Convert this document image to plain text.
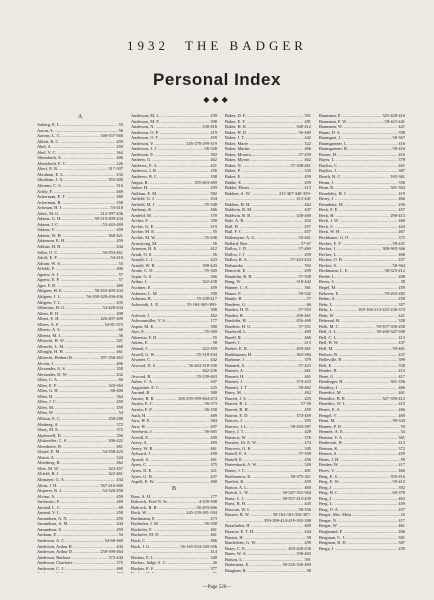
1932 THE BADGER
Personal Index
◆◆◆
A
Aaberg, E. L. .....	53
Aaron, S. .....	56
Aarons, L. C. .....	346-557-560
Abbitt, R. C. .....	459
Abel, A. .....	459
Abel, V. C. .....	364
Abendroth, A. .....	406
Abendroth, E. C. .....	226
Abert, E. R. .....	317-397
Abraham, E. L. .....	432
Abraham, J. A. .....	355-400
Abrams, C. S. .....	316
Achly, F. .....	469
Ackerman, E. T. .....	468
Ackerman, R. .....	358
Ackman, H. J. .....	53-418
Adair, M. G. .....	212-397-436
Adams, G. H. .....	58-319-409-434
Adams, I. C. .....	53-443-469
Adams, V. .....	459
Adams, W. H. .....	368-421
Adamson, E. H. .....	459
Adkins, H. B. .....	444
Adler, O. C. .....	56-553-461
Adolf, E. F. .....	54-410
Adrian, W. A. .....	53
Affeldt, F. .....	406
Agnew, A. J. .....	57
Agnew, E. P. .....	57
Ager, F. B. .....	469
Ahlgren, H. E. .....	58-263-405-434
Ahlgren, J. L. .....	56-358-328-436-436
Ahlgren, T. L. .....	435
Ahlstrom, H. G. .....	54-428-434
Aiken, R. H. .....	408
Albert, E. H. .....	226-407-409
Albers, A. F. .....	54-81-373
Alberts, A. S. .....	66
Albertz, M. J. .....	56
Albrecht, H. W. .....	321
Albrecht, L. M. .....	468
Albright, H. H. .....	461
Albrecht, Herbert R. .....	397-358-463
Alcorn, J. .....	406
Alexander, A. S. .....	358
Alexander, D. W. .....	432
Allen, C. A. .....	60
Allen, E. F. .....	343-363
Allen, G. H. .....	68-406
Allen, H. .....	364
Allen, J. C. .....	459
Allen, M. .....	459
Allen, W. .....	54
Allison, E. C. .....	258-288
Almberg, A. .....	372
Alsey, M. E. .....	372
Alpenwell, D. .....	356
Altdoerffer, C. S. .....	306-422
Altenhofer, B. .....	461
Alstad, E. M. .....	54-358-423
Alston, A. .....	324
Altenberg, R. .....	462
Alter, M. W. .....	422-457
Altfeld, R. J. .....	422-461
Altmayer, G. A. .....	434
Alton, J. H. .....	567-416-466
Alsperer, R. J. .....	54-320-450
Alvino, A. .....	459
Ambrosio, F. .....	469
Amend, L. C. .....	69
Amend, V. L. .....	458
Amundsen, A. N. .....	459
Amundson, A. M. .....	444
Amundson, S. .....	459
Amkam, E. .....	54
Anderson, A. C. .....	54-68-469
Anderson, Arthur R. .....	444
Anderson, Arthur D. .....	258-399-464
Anderson, Barbara .....	372-444
Anderson, Charlotte .....	375
Anderson, C. J. .....	469
.....
Anderson, M. L. .....	439
Anderson, M. F. .....	398
Anderson, N. .....	238-416
Anderson, O. P. .....	419
Anderson, O. T. .....	459
Anderson, V. .....	245-278-299-319
Anderson, J. J. .....	56-328
Anderson, P. .....	392
Andrew, G. .....	462
Andrews, E. A. .....	421
Andrews, J. R. .....	256
Andrews, R. C. .....	358
Angus, R. .....	355-463-469
Anker, H. .....	459
Anklam, E. M. .....	382
Anfield, G. J. .....	434
Anfield, M. J. .....	55-348
Anthony, K. .....	466
Arnfeld, M. .....	370
Archer, P. .....	358
Archie, G. E. .....	219
Archie, M. E. .....	55
Archie, M. W. .....	55-436
Armstrong, M. .....	56
Arneson, H. E. .....	412
Arndt, O. S. .....	56
Arnold, C. J. .....	423
Arnold, W. B. .....	398-443
Arone, C. D. .....	55-365
Arpin, G. S. .....	366
Arthur, J. .....	322-438
Aschner, E. .....	459
Ashman, L. M. .....	358
Ashman, R. .....	55-238-417
Ashworth, L. E. .....	55-164-365-390-
.....
398
Asleson, J. .....	462
Aslesonmiller, V. S. .....	177
Aspen, M. E. .....	380
Ates, E. .....	55-369
Atherton, F. D. .....	55
Atkins, E. .....	58
Atland, J. .....	422-459
Atwell, G. W. .....	55-318-434
Atwater, C. .....	442
Atwood, D. S. .....	56-263-318-356
.....
442-436
Atwood, R. .....	55-239-463
Auber, C. A. .....	347
Augustine, E. C. .....	425
Aurand, R. .....	380
Aurner, R. R. .....	266-259-399-464-474
Austin, E. C. .....	56-373
Austin, F. P. .....	56-358
Auth, H. .....	469
Auw, H. E. .....	384
Auw, H. .....	497
Averbeck, J. .....	56-365
Averill, E. .....	459
Avery, A. .....	469
Avery, W. B. .....	461
Aylward, J. .....	458
Aysard, A. .....	461
Ayres, C. .....	375
Ayres, D. E. .....	321
Ayres, G. H. .....	437
Aspell, E. W. .....	490
B
Baas, A. H. .....	177
Babcock, Fred N. Sr. .....	4-339-398
Babcock, R. B. .....	56-293-466
Bach, W. .....	245-239-281-394
Bachmann, E. .....	473
Bachofen, J. M. .....	56-358
Bachofer, F. .....	461
Bachofer, M. D. .....	461
Back, C. .....	466
Back, J. G. .....	56-165-334-349-356
.....
414
Backus, E. L. .....	349
Backus, Judge A. C. .....	20
Backus, E. F. .....	377
.....
Baker, D. F. .....	391
Baker, E. F. .....	281
Baker, H. K. .....	348-412
Baker, H. D. .....	56-469
Baker, J. T. .....	442
Baker, Marie .....	322
Baker, Martin .....	466
Baker, Monica .....	57-459
Baker, Myron .....	462
Baker, N. .....	57-348-461
Baker, P. .....	335
Baker, E. .....	459
Bakke, E. .....	459
Bakke, Elmer .....	413
Bakken, A. W. .....	211-367-348-359-
.....
413-441
Bakken, H. H. .....	462
Baldwin, R. M. .....	447
Baldwin, R. B. .....	438-469
Bale, A. R. .....	432
Ball, D. .....	457
Ball, F. C. .....	457
Ballentyne, A. G. .....	55-461
Ballard, Ron .....	57-67
Ballou, J. D. .....	57-469
Ballou, J. J. .....	459
Ballou, R. A. .....	57-423-434
Balsnosky .....	392
Bancroft, E. .....	459
Bandolin, R. R. .....	57-358
Bang, W. .....	318-442
Banner, C. A. .....	361
Banos, P. .....	59-342
Bantle, R. .....	57
Bardeen, G. .....	66
Barden, H. D. .....	57-353
Barden, R. .....	296-461
Bardolin, H. .....	456-469
Bardeen, H. G. .....	57-351
Bardwell, L. .....	469
Barell, R. .....	466
Barelt, L. .....	413
Barker, E. R. .....	459-461
Barkhausen, H. .....	363-384
Barlame, J. .....	379
Barnard, A. .....	57-423
Barnett, A. .....	461
Barnett, H. .....	461
Barnett, J. .....	374-423
Barnett, J. T. .....	58-462
Barry, M. .....	462
Barrett, J. S. .....	423
Barrett, R. L. .....	57-58
Barrett, R. H. .....	459
Barron, E. D. .....	374-459
Barrow, J. .....	295
Barrow, J. L. .....	58-294-387
Barry, J. T. .....	428
Barstow, W. .....	376
Barsten, Dr. E. W. .....	274
Barrows, G. K. .....	345
Bartell, E. S. .....	57-358
Bartell, E. .....	456
Bartenbach, A. W. .....	326
Barter, J. C. .....	401
Barthomew, K. .....	58-375-411
Bartlett, K. .....	459
Barton, A. L. .....	460
Bartoli, L. W. .....	58-347-352-364
Bartz, L. J. .....	58-357-413-439
Bartz, R. H. .....	445
Bascom, W. L. .....	58-356
Bassett, R. W. .....	58-162-165-356-387-
.....
393-398-414-419-392-398
Bassiladen, H. .....	469
Bassow, E. T. H. .....	444
Baston, H. .....	58
Batchelder, G. W. .....	459
Bates, C. E. .....	403-426-436
Bates, W. A. .....	358-403
Batson, L. .....	391
Batterman, E. .....	58-326-336-469
Baughan, R. .....	58
Baumann, E. .....	325-428-416
Baumann, F. W. .....	58-423-441
Baumann, W. .....	421
Baum, D. A. .....	358
Baumgart, J. .....	58-367
Baumgartner, L. .....	416
Baumgartner, R. .....	58-416
Baxter, H. .....	416
Bayer, L. .....	378
Bayliss, C. .....	461
Bayliss, J. .....	387
Beach, H. C. .....	165-361
Beam, J. .....	356
Bean, R. .....	301-363
Beardsley, H. J. .....	419
Beary, J. .....	466
Beaudette, M. .....	456
Beck, F. E. .....	457
Beck, H. .....	290-413
Beck, J. W. .....	460
Beck, S. .....	424
Beck, W. H. .....	467
Beckhauer, G. O. .....	372
Becker, E. F. .....	58-431
Becker, I. .....	308-365-366
Becker, L. .....	466
Becker, O. B. .....	457
Becker, S. .....	58-364
Beckmann, L. E. .....	58-323-412
Beebe, L. .....	408
Beery, S. .....	58
Begel, M. .....	459
Behrens, E. .....	59-263-282
Behm, A. .....	459
Behr, L. .....	357
Behr, L. .....	165-166-214-225-236-374
Behr, W. .....	421
Behrend, H. .....	358
Belk, M. C. .....	59-357-358-458
Bell, A. L. .....	59-268-347-398
Bell, C. L. .....	413
Bell, H. W. .....	437
Bell, M. .....	59-461
Belsow, R. .....	437
Belleville, B. .....	399
Belt, E. .....	358
Bender, R. .....	412
Bene, G. .....	417
Bendinger, H. .....	301-356
Bendley, J. .....	466
Benedict, M. .....	461
Benedict, B. R. .....	347-359-412
Benedict, W. L. .....	415
Benes, E. A. .....	466
Bengel, V. .....	469
Benn, M. .....	59-343
Benner, P. D. .....	59
Bennett, A. E. .....	54
Benson, V. A. .....	361
Benbrook, H. .....	413
Benson, K. .....	372
Benton, S. .....	459
Bents, J. H. .....	59
Berdan, W. .....	417
Beres, V. .....	466
Berg, E. S. .....	359-416
Berg, E. W. .....	59-413
Berg, J. .....	392
Berg, H. C. .....	60-378
Berg, J. .....	463
Berg, L. .....	459
Berg, O. A. .....	457
Berger, Mrs. Meta .....	25
Berger, N. .....	417
Berger, W. .....	461
Bergbrand, F. .....	466
Bergman, C. J. .....	301
Bergman, R. D. .....	387
Bergy, J. .....	459
—Page 520—
